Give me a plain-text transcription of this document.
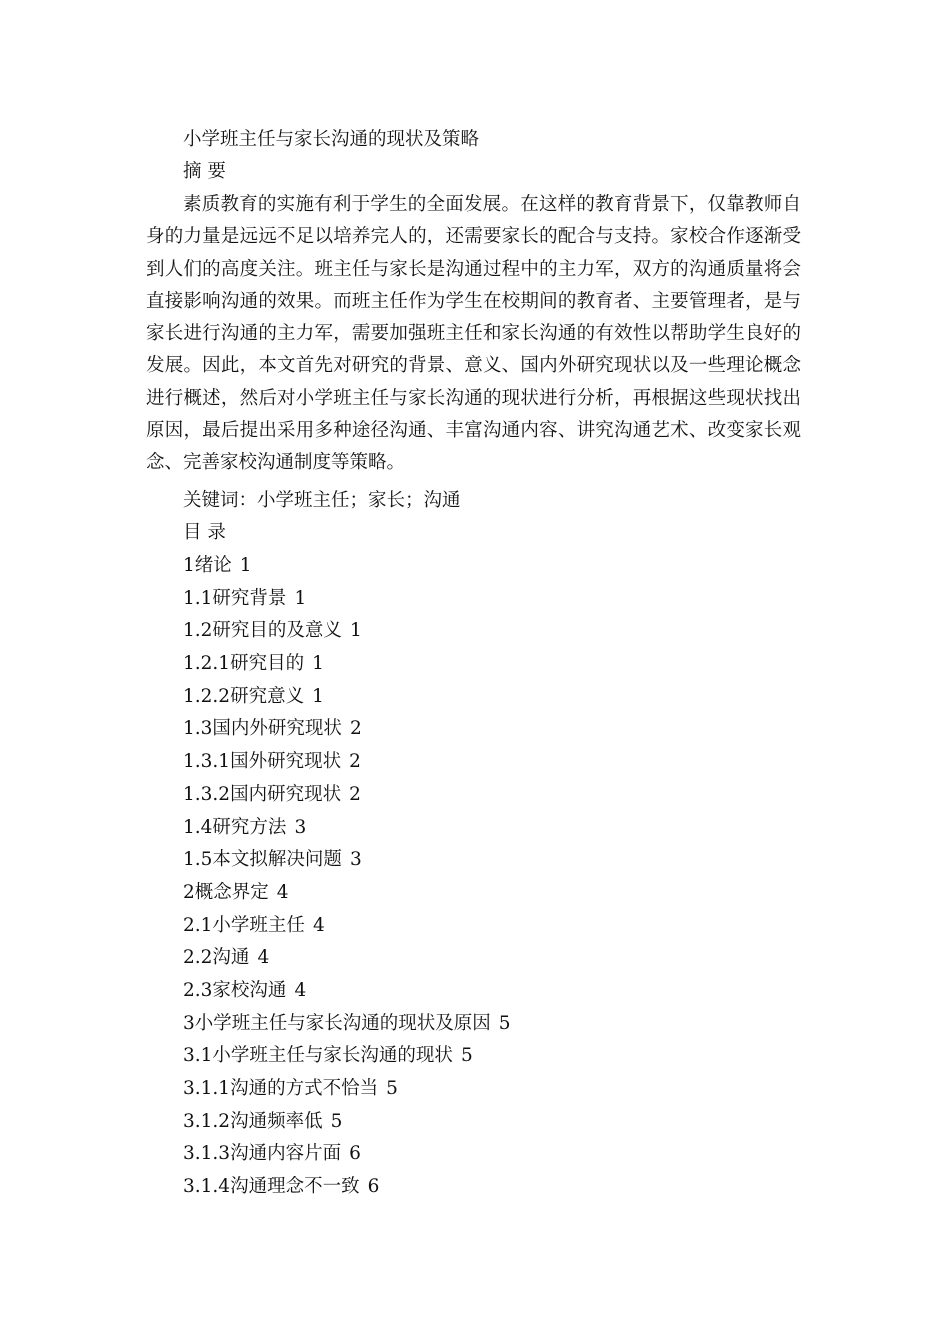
小学班主任与家长沟通的现状及策略
摘 要

素质教育的实施有利于学生的全面发展。在这样的教育背景下，仅靠教师自身的力量是远远不足以培养完人的，还需要家长的配合与支持。家校合作逐渐受到人们的高度关注。班主任与家长是沟通过程中的主力军，双方的沟通质量将会直接影响沟通的效果。而班主任作为学生在校期间的教育者、主要管理者，是与家长进行沟通的主力军，需要加强班主任和家长沟通的有效性以帮助学生良好的发展。因此，本文首先对研究的背景、意义、国内外研究现状以及一些理论概念进行概述，然后对小学班主任与家长沟通的现状进行分析，再根据这些现状找出原因，最后提出采用多种途径沟通、丰富沟通内容、讲究沟通艺术、改变家长观念、完善家校沟通制度等策略。

关键词：小学班主任；家长；沟通
目 录
1绪论 1
1.1研究背景 1
1.2研究目的及意义 1
1.2.1研究目的 1
1.2.2研究意义 1
1.3国内外研究现状 2
1.3.1国外研究现状 2
1.3.2国内研究现状 2
1.4研究方法 3
1.5本文拟解决问题 3
2概念界定 4
2.1小学班主任 4
2.2沟通 4
2.3家校沟通 4
3小学班主任与家长沟通的现状及原因 5
3.1小学班主任与家长沟通的现状 5
3.1.1沟通的方式不恰当 5
3.1.2沟通频率低 5
3.1.3沟通内容片面 6
3.1.4沟通理念不一致 6
